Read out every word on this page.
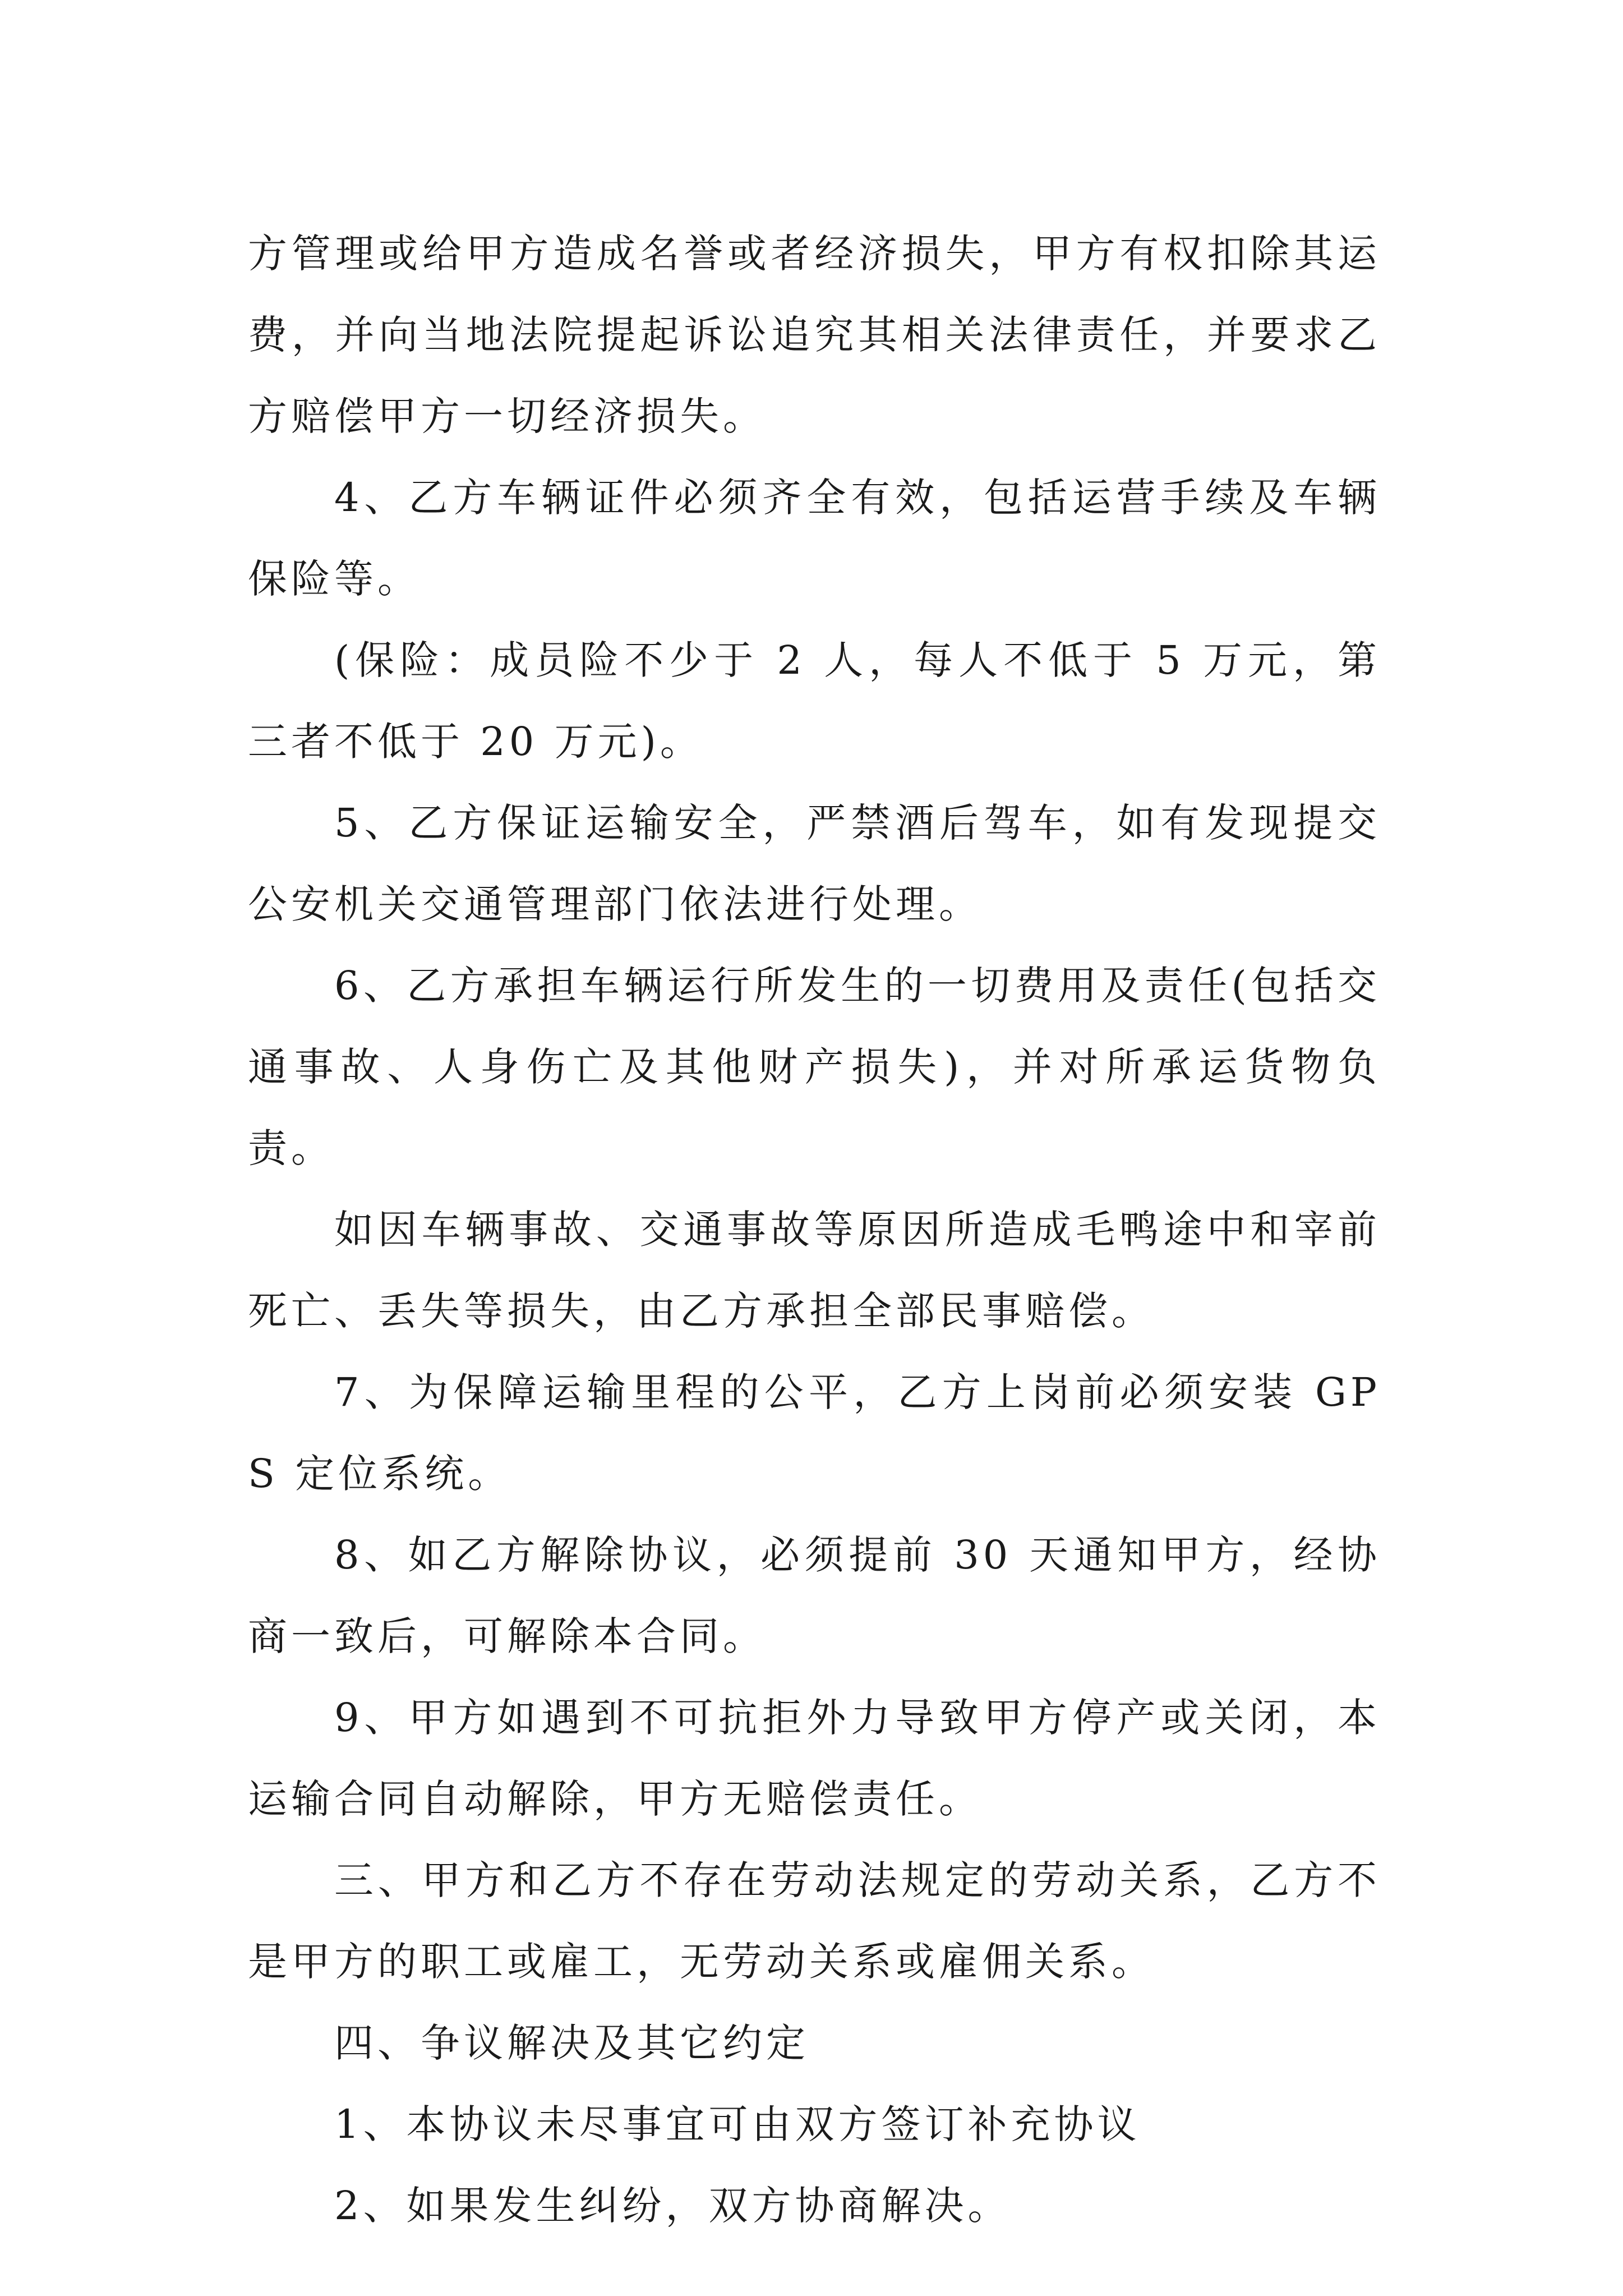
方管理或给甲方造成名誉或者经济损失，甲方有权扣除其运费，并向当地法院提起诉讼追究其相关法律责任，并要求乙方赔偿甲方一切经济损失。

4、乙方车辆证件必须齐全有效，包括运营手续及车辆保险等。

(保险：成员险不少于 2 人，每人不低于 5 万元，第三者不低于 20 万元)。

5、乙方保证运输安全，严禁酒后驾车，如有发现提交公安机关交通管理部门依法进行处理。

6、乙方承担车辆运行所发生的一切费用及责任(包括交通事故、人身伤亡及其他财产损失)，并对所承运货物负责。

如因车辆事故、交通事故等原因所造成毛鸭途中和宰前死亡、丢失等损失，由乙方承担全部民事赔偿。

7、为保障运输里程的公平，乙方上岗前必须安装 GPS 定位系统。

8、如乙方解除协议，必须提前 30 天通知甲方，经协商一致后，可解除本合同。

9、甲方如遇到不可抗拒外力导致甲方停产或关闭，本运输合同自动解除，甲方无赔偿责任。

三、甲方和乙方不存在劳动法规定的劳动关系，乙方不是甲方的职工或雇工，无劳动关系或雇佣关系。

四、争议解决及其它约定

1、本协议未尽事宜可由双方签订补充协议

2、如果发生纠纷，双方协商解决。
